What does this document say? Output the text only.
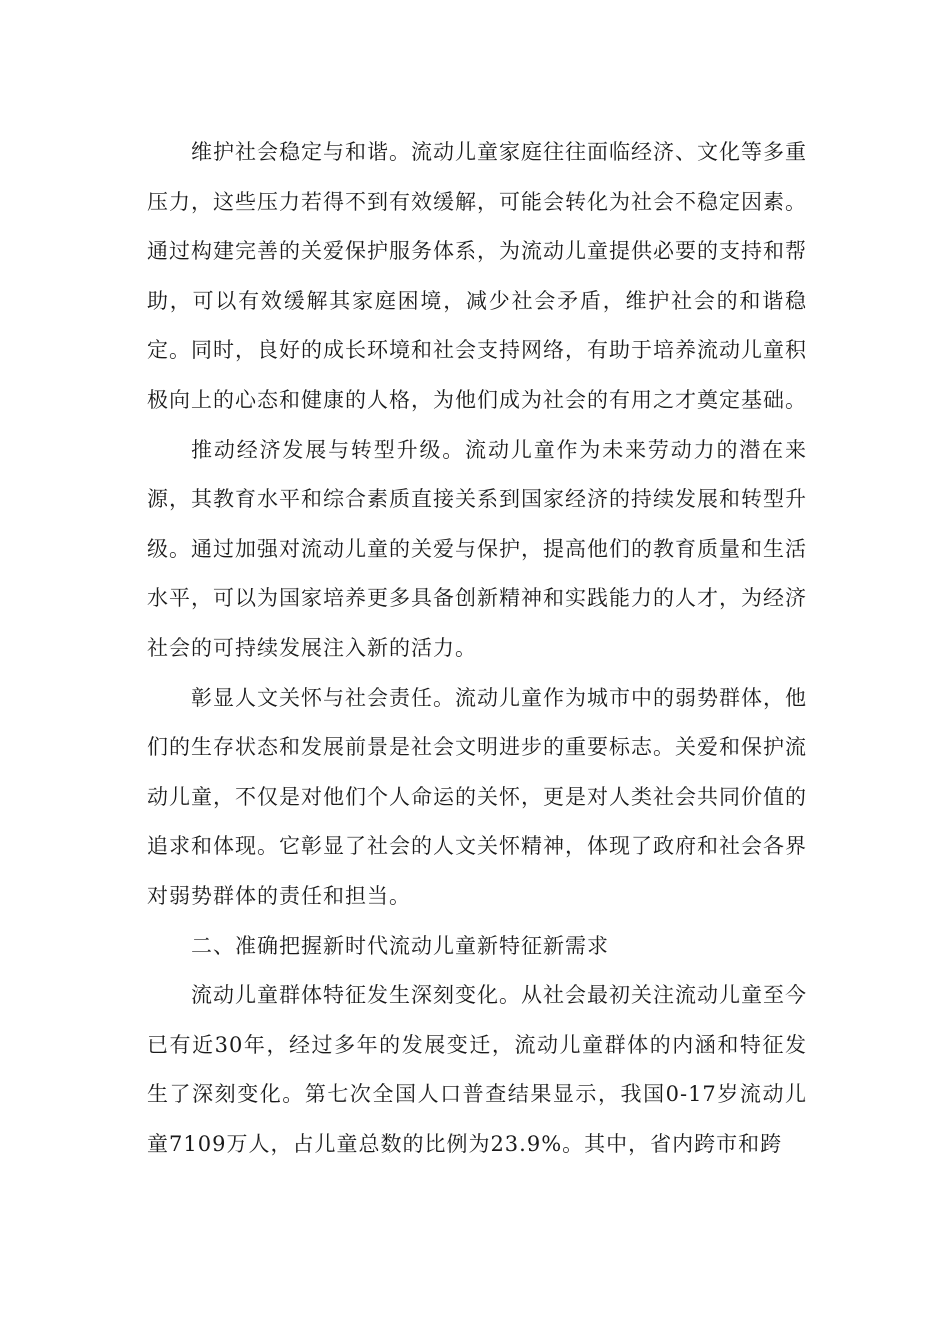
维护社会稳定与和谐。流动儿童家庭往往面临经济、文化等多重压力，这些压力若得不到有效缓解，可能会转化为社会不稳定因素。通过构建完善的关爱保护服务体系，为流动儿童提供必要的支持和帮助，可以有效缓解其家庭困境，减少社会矛盾，维护社会的和谐稳定。同时，良好的成长环境和社会支持网络，有助于培养流动儿童积极向上的心态和健康的人格，为他们成为社会的有用之才奠定基础。

推动经济发展与转型升级。流动儿童作为未来劳动力的潜在来源，其教育水平和综合素质直接关系到国家经济的持续发展和转型升级。通过加强对流动儿童的关爱与保护，提高他们的教育质量和生活水平，可以为国家培养更多具备创新精神和实践能力的人才，为经济社会的可持续发展注入新的活力。

彰显人文关怀与社会责任。流动儿童作为城市中的弱势群体，他们的生存状态和发展前景是社会文明进步的重要标志。关爱和保护流动儿童，不仅是对他们个人命运的关怀，更是对人类社会共同价值的追求和体现。它彰显了社会的人文关怀精神，体现了政府和社会各界对弱势群体的责任和担当。

二、准确把握新时代流动儿童新特征新需求

流动儿童群体特征发生深刻变化。从社会最初关注流动儿童至今已有近30年，经过多年的发展变迁，流动儿童群体的内涵和特征发生了深刻变化。第七次全国人口普查结果显示，我国0-17岁流动儿童7109万人，占儿童总数的比例为23.9%。其中，省内跨市和跨
